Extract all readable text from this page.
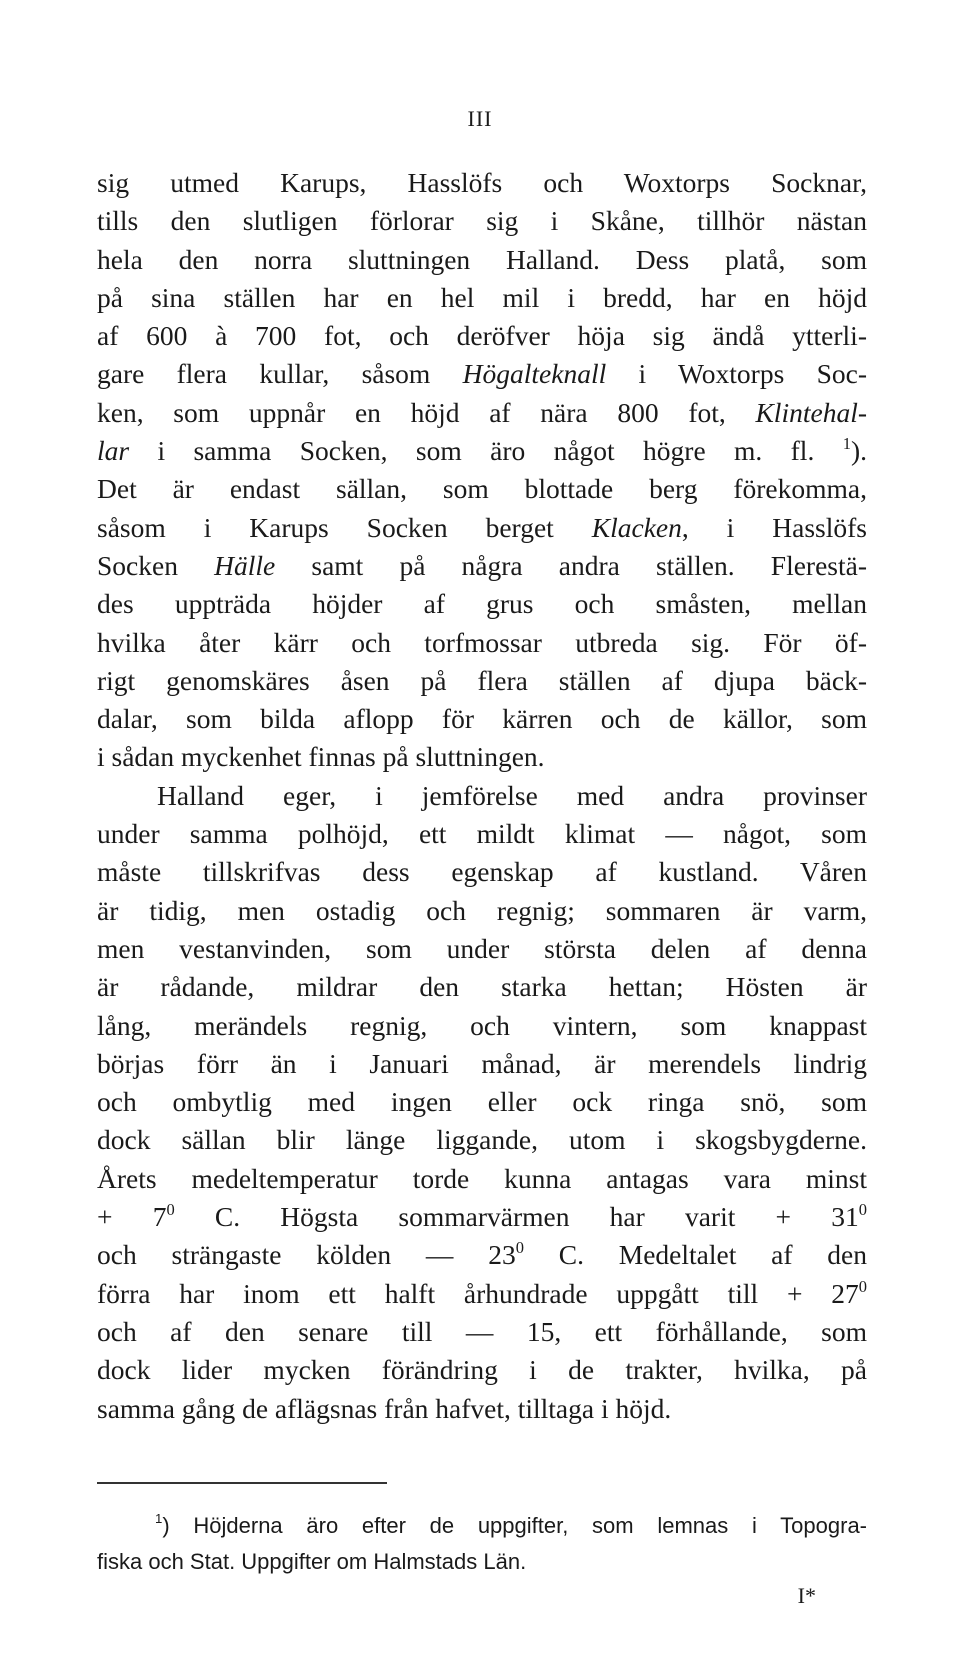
III
sig utmed Karups, Hasslöfs och Woxtorps Socknar,
tills den slutligen förlorar sig i Skåne, tillhör nästan
hela den norra sluttningen Halland. Dess platå, som
på sina ställen har en hel mil i bredd, har en höjd
af 600 à 700 fot, och deröfver höja sig ändå ytterli-
gare flera kullar, såsom Högalteknall i Woxtorps Soc-
ken, som uppnår en höjd af nära 800 fot, Klintehal-
lar i samma Socken, som äro något högre m. fl. $^1$).
Det är endast sällan, som blottade berg förekomma,
såsom i Karups Socken berget Klacken, i Hasslöfs
Socken Hälle samt på några andra ställen. Flerestä-
des uppträda höjder af grus och småsten, mellan
hvilka åter kärr och torfmossar utbreda sig. För öf-
rigt genomskäres åsen på flera ställen af djupa bäck-
dalar, som bilda aflopp för kärren och de källor, som
i sådan myckenhet finnas på sluttningen.
Halland eger, i jemförelse med andra provinser
under samma polhöjd, ett mildt klimat — något, som
måste tillskrifvas dess egenskap af kustland. Våren
är tidig, men ostadig och regnig; sommaren är varm,
men vestanvinden, som under största delen af denna
är rådande, mildrar den starka hettan; Hösten är
lång, merändels regnig, och vintern, som knappast
börjas förr än i Januari månad, är merendels lindrig
och ombytlig med ingen eller ock ringa snö, som
dock sällan blir länge liggande, utom i skogsbygderne.
Årets medeltemperatur torde kunna antagas vara minst
+ $7^0$ C. Högsta sommarvärmen har varit + $31^0$
och strängaste kölden — $23^0$ C. Medeltalet af den
förra har inom ett halft århundrade uppgått till + $27^0$
och af den senare till — 15, ett förhållande, som
dock lider mycken förändring i de trakter, hvilka, på
samma gång de aflägsnas från hafvet, tilltaga i höjd.
$^1$) Höjderna äro efter de uppgifter, som lemnas i Topogra-
fiska och Stat. Uppgifter om Halmstads Län.
I*
